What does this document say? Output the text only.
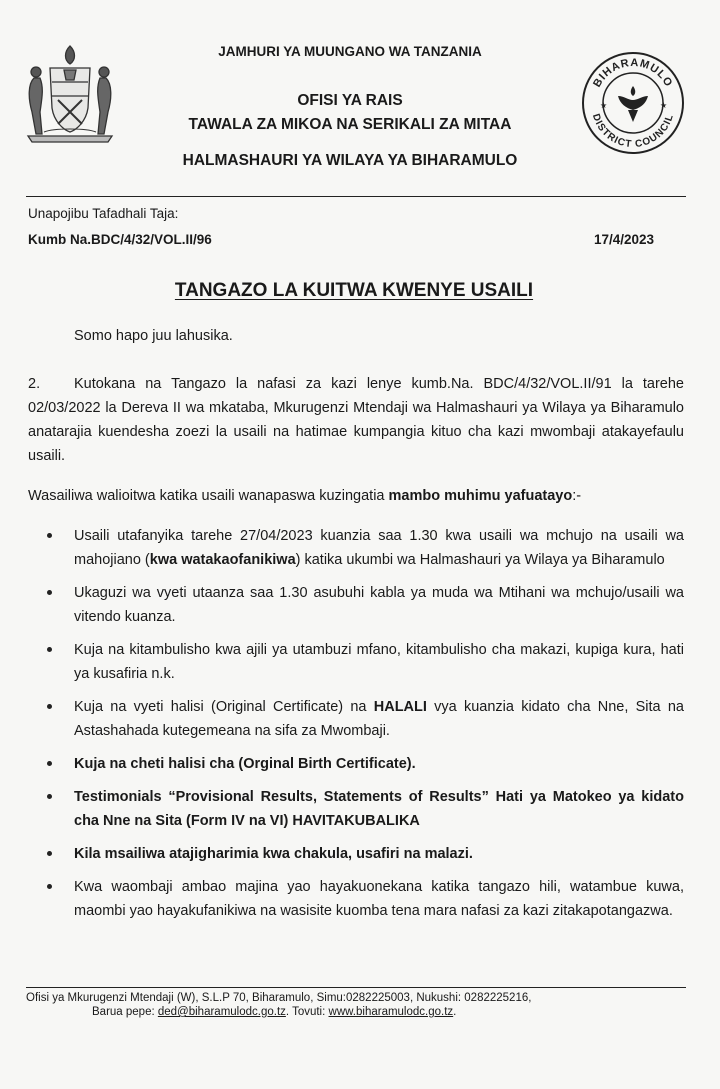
BIHARAMULO
DISTRICT COUNCIL
★	★
JAMHURI YA MUUNGANO WA TANZANIA
OFISI YA RAIS
TAWALA ZA MIKOA NA SERIKALI ZA MITAA
HALMASHAURI YA WILAYA YA BIHARAMULO
Unapojibu Tafadhali Taja:
Kumb Na.BDC/4/32/VOL.II/96	17/4/2023
TANGAZO LA KUITWA KWENYE USAILI
Somo hapo juu lahusika.
2. Kutokana na Tangazo la nafasi za kazi lenye kumb.Na. BDC/4/32/VOL.II/91 la tarehe 02/03/2022 la Dereva II wa mkataba, Mkurugenzi Mtendaji wa Halmashauri ya Wilaya ya Biharamulo anatarajia kuendesha zoezi la usaili na hatimae kumpangia kituo cha kazi mwombaji atakayefaulu usaili.
Wasailiwa walioitwa katika usaili wanapaswa kuzingatia mambo muhimu yafuatayo:-
Usaili utafanyika tarehe 27/04/2023 kuanzia saa 1.30 kwa usaili wa mchujo na usaili wa mahojiano (kwa watakaofanikiwa) katika ukumbi wa Halmashauri ya Wilaya ya Biharamulo
Ukaguzi wa vyeti utaanza saa 1.30 asubuhi kabla ya muda wa Mtihani wa mchujo/usaili wa vitendo kuanza.
Kuja na kitambulisho kwa ajili ya utambuzi mfano, kitambulisho cha makazi, kupiga kura, hati ya kusafiria n.k.
Kuja na vyeti halisi (Original Certificate) na HALALI vya kuanzia kidato cha Nne, Sita na Astashahada kutegemeana na sifa za Mwombaji.
Kuja na cheti halisi cha (Orginal Birth Certificate).
Testimonials “Provisional Results, Statements of Results” Hati ya Matokeo ya kidato cha Nne na Sita (Form IV na VI) HAVITAKUBALIKA
Kila msailiwa atajigharimia kwa chakula, usafiri na malazi.
Kwa waombaji ambao majina yao hayakuonekana katika tangazo hili, watambue kuwa, maombi yao hayakufanikiwa na wasisite kuomba tena mara nafasi za kazi zitakapotangazwa.
Ofisi ya Mkurugenzi Mtendaji (W), S.L.P 70, Biharamulo, Simu:0282225003, Nukushi: 0282225216,
Barua pepe: ded@biharamulodc.go.tz. Tovuti: www.biharamulodc.go.tz.
